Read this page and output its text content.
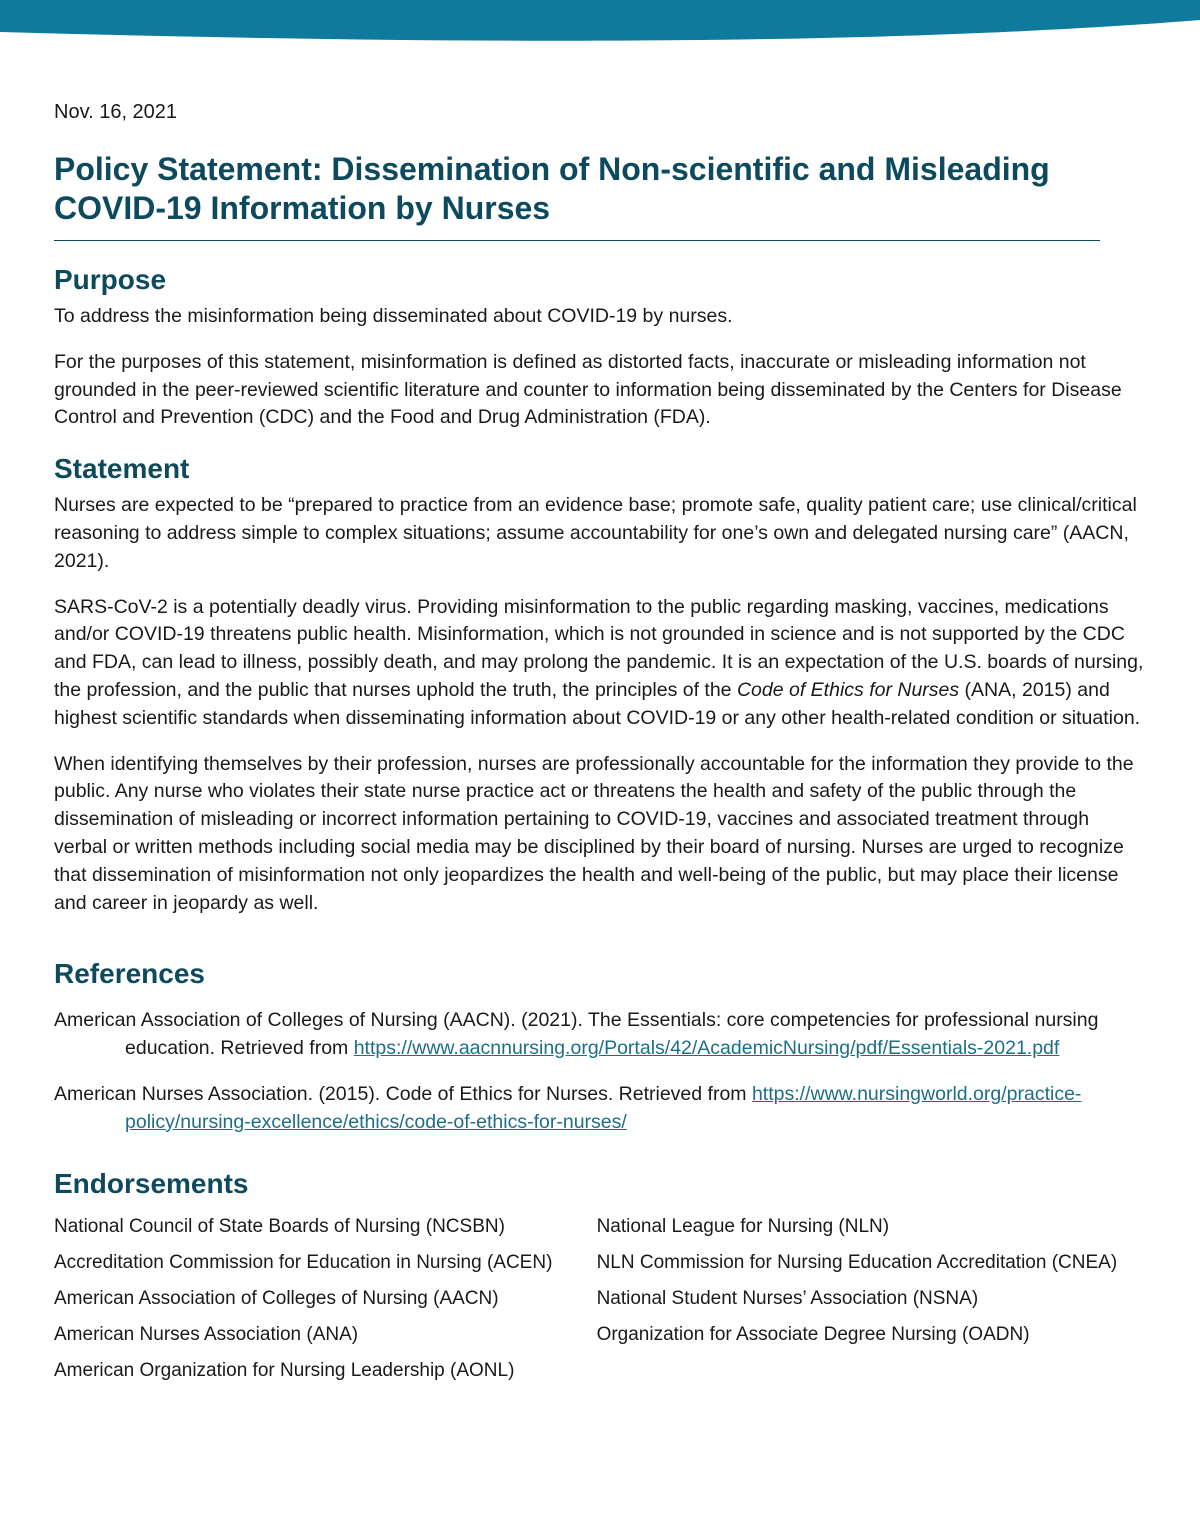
Nov. 16, 2021

Policy Statement: Dissemination of Non-scientific and Misleading COVID-19 Information by Nurses
Purpose

To address the misinformation being disseminated about COVID-19 by nurses.

For the purposes of this statement, misinformation is defined as distorted facts, inaccurate or misleading information not grounded in the peer-reviewed scientific literature and counter to information being disseminated by the Centers for Disease Control and Prevention (CDC) and the Food and Drug Administration (FDA).

Statement

Nurses are expected to be “prepared to practice from an evidence base; promote safe, quality patient care; use clinical/critical reasoning to address simple to complex situations; assume accountability for one’s own and delegated nursing care” (AACN, 2021).

SARS-CoV-2 is a potentially deadly virus. Providing misinformation to the public regarding masking, vaccines, medications and/or COVID-19 threatens public health. Misinformation, which is not grounded in science and is not supported by the CDC and FDA, can lead to illness, possibly death, and may prolong the pandemic. It is an expectation of the U.S. boards of nursing, the profession, and the public that nurses uphold the truth, the principles of the Code of Ethics for Nurses (ANA, 2015) and highest scientific standards when disseminating information about COVID-19 or any other health-related condition or situation.

When identifying themselves by their profession, nurses are professionally accountable for the information they provide to the public. Any nurse who violates their state nurse practice act or threatens the health and safety of the public through the dissemination of misleading or incorrect information pertaining to COVID-19, vaccines and associated treatment through verbal or written methods including social media may be disciplined by their board of nursing. Nurses are urged to recognize that dissemination of misinformation not only jeopardizes the health and well-being of the public, but may place their license and career in jeopardy as well.

References

American Association of Colleges of Nursing (AACN). (2021). The Essentials: core competencies for professional nursing education. Retrieved from https://www.aacnnursing.org/Portals/42/AcademicNursing/pdf/Essentials-2021.pdf

American Nurses Association. (2015). Code of Ethics for Nurses. Retrieved from https://www.nursingworld.org/practice-policy/nursing-excellence/ethics/code-of-ethics-for-nurses/

Endorsements
National Council of State Boards of Nursing (NCSBN)
Accreditation Commission for Education in Nursing (ACEN)
American Association of Colleges of Nursing (AACN)
American Nurses Association (ANA)
American Organization for Nursing Leadership (AONL)
National League for Nursing (NLN)
NLN Commission for Nursing Education Accreditation (CNEA)
National Student Nurses’ Association (NSNA)
Organization for Associate Degree Nursing (OADN)
